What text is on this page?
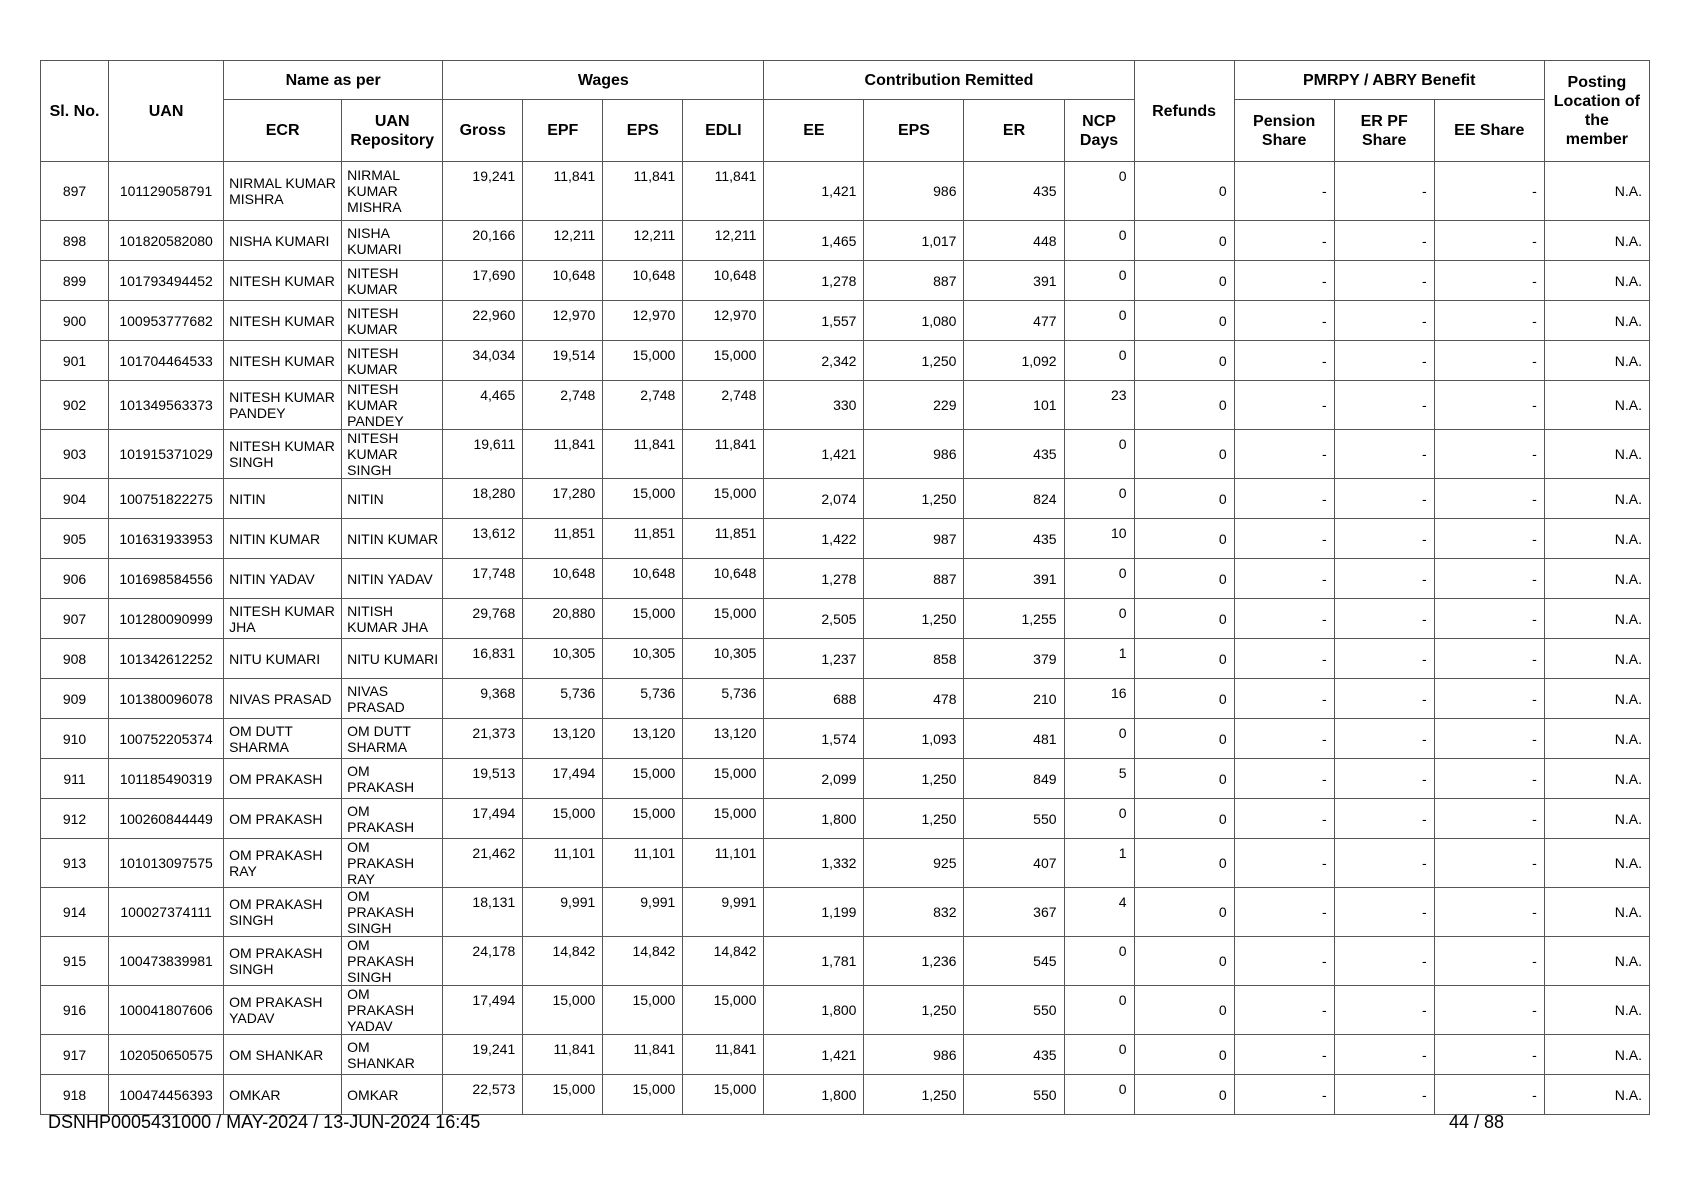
Sl. No.	UAN	Name as per		Wages				Contribution Remitted				Refunds	PMRPY / ABRY Benefit			Posting Location of the member
		ECR	UAN Repository	Gross	EPF	EPS	EDLI	EE	EPS	ER	NCP Days		Pension Share	ER PF Share	EE Share	
897	101129058791	NIRMAL KUMAR MISHRA	NIRMAL KUMAR MISHRA	19,241	11,841	11,841	11,841	1,421	986	435	0	0	-	-	-	N.A.
898	101820582080	NISHA KUMARI	NISHA KUMARI	20,166	12,211	12,211	12,211	1,465	1,017	448	0	0	-	-	-	N.A.
899	101793494452	NITESH KUMAR	NITESH KUMAR	17,690	10,648	10,648	10,648	1,278	887	391	0	0	-	-	-	N.A.
900	100953777682	NITESH KUMAR	NITESH KUMAR	22,960	12,970	12,970	12,970	1,557	1,080	477	0	0	-	-	-	N.A.
901	101704464533	NITESH KUMAR	NITESH KUMAR	34,034	19,514	15,000	15,000	2,342	1,250	1,092	0	0	-	-	-	N.A.
902	101349563373	NITESH KUMAR PANDEY	NITESH KUMAR PANDEY	4,465	2,748	2,748	2,748	330	229	101	23	0	-	-	-	N.A.
903	101915371029	NITESH KUMAR SINGH	NITESH KUMAR SINGH	19,611	11,841	11,841	11,841	1,421	986	435	0	0	-	-	-	N.A.
904	100751822275	NITIN	NITIN	18,280	17,280	15,000	15,000	2,074	1,250	824	0	0	-	-	-	N.A.
905	101631933953	NITIN KUMAR	NITIN KUMAR	13,612	11,851	11,851	11,851	1,422	987	435	10	0	-	-	-	N.A.
906	101698584556	NITIN YADAV	NITIN YADAV	17,748	10,648	10,648	10,648	1,278	887	391	0	0	-	-	-	N.A.
907	101280090999	NITESH KUMAR JHA	NITISH KUMAR JHA	29,768	20,880	15,000	15,000	2,505	1,250	1,255	0	0	-	-	-	N.A.
908	101342612252	NITU KUMARI	NITU KUMARI	16,831	10,305	10,305	10,305	1,237	858	379	1	0	-	-	-	N.A.
909	101380096078	NIVAS PRASAD	NIVAS PRASAD	9,368	5,736	5,736	5,736	688	478	210	16	0	-	-	-	N.A.
910	100752205374	OM DUTT SHARMA	OM DUTT SHARMA	21,373	13,120	13,120	13,120	1,574	1,093	481	0	0	-	-	-	N.A.
911	101185490319	OM PRAKASH	OM PRAKASH	19,513	17,494	15,000	15,000	2,099	1,250	849	5	0	-	-	-	N.A.
912	100260844449	OM PRAKASH	OM PRAKASH	17,494	15,000	15,000	15,000	1,800	1,250	550	0	0	-	-	-	N.A.
913	101013097575	OM PRAKASH RAY	OM PRAKASH RAY	21,462	11,101	11,101	11,101	1,332	925	407	1	0	-	-	-	N.A.
914	100027374111	OM PRAKASH SINGH	OM PRAKASH SINGH	18,131	9,991	9,991	9,991	1,199	832	367	4	0	-	-	-	N.A.
915	100473839981	OM PRAKASH SINGH	OM PRAKASH SINGH	24,178	14,842	14,842	14,842	1,781	1,236	545	0	0	-	-	-	N.A.
916	100041807606	OM PRAKASH YADAV	OM PRAKASH YADAV	17,494	15,000	15,000	15,000	1,800	1,250	550	0	0	-	-	-	N.A.
917	102050650575	OM SHANKAR	OM SHANKAR	19,241	11,841	11,841	11,841	1,421	986	435	0	0	-	-	-	N.A.
918	100474456393	OMKAR	OMKAR	22,573	15,000	15,000	15,000	1,800	1,250	550	0	0	-	-	-	N.A.
DSNHP0005431000 / MAY-2024 / 13-JUN-2024 16:45	44 / 88
